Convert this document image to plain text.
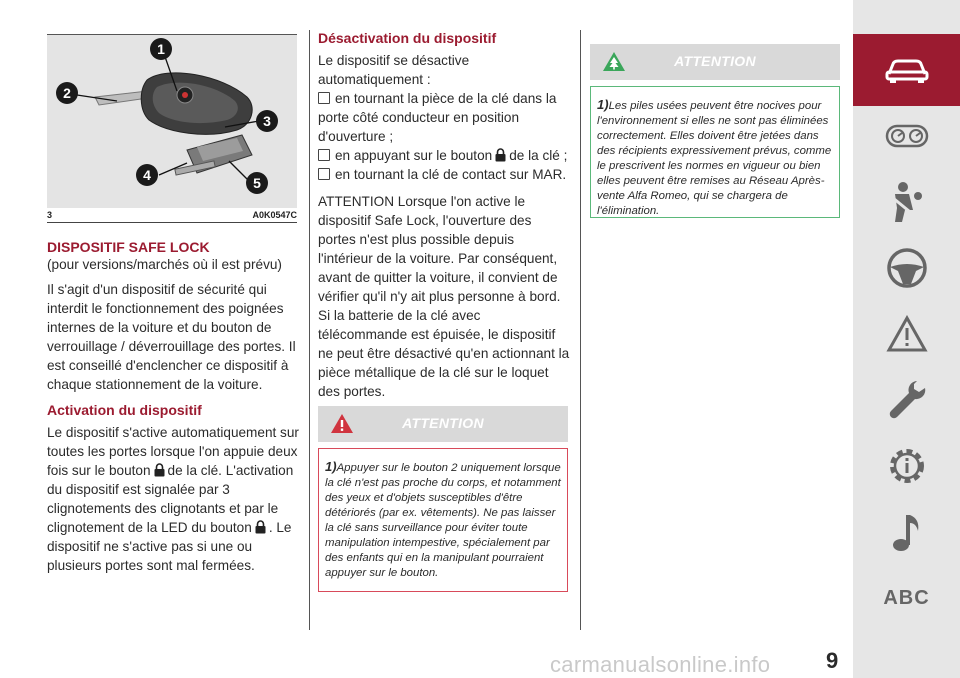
1
2
3
4	5
3	A0K0547C
DISPOSITIF SAFE LOCK

(pour versions/marchés où il est prévu)

Il s'agit d'un dispositif de sécurité qui interdit le fonctionnement des poignées internes de la voiture et du bouton de verrouillage / déverrouillage des portes. Il est conseillé d'enclencher ce dispositif à chaque stationnement de la voiture.

Activation du dispositif

Le dispositif s'active automatiquement sur toutes les portes lorsque l'on appuie deux fois sur le bouton de la clé. L'activation du dispositif est signalée par 3 clignotements des clignotants et par le clignotement de la LED du bouton . Le dispositif ne s'active pas si une ou plusieurs portes sont mal fermées.

Désactivation du dispositif

Le dispositif se désactive automatiquement :

en tournant la pièce de la clé dans la porte côté conducteur en position d'ouverture ;
en appuyant sur le bouton de la clé ;
en tournant la clé de contact sur MAR.

ATTENTION Lorsque l'on active le dispositif Safe Lock, l'ouverture des portes n'est plus possible depuis l'intérieur de la voiture. Par conséquent, avant de quitter la voiture, il convient de vérifier qu'il n'y ait plus personne à bord. Si la batterie de la clé avec télécommande est épuisée, le dispositif ne peut être désactivé qu'en actionnant la pièce métallique de la clé sur le loquet des portes.

ATTENTION
1)Appuyer sur le bouton 2 uniquement lorsque la clé n'est pas proche du corps, et notamment des yeux et d'objets susceptibles d'être détériorés (par ex. vêtements). Ne pas laisser la clé sans surveillance pour éviter toute manipulation intempestive, spécialement par des enfants qui en la manipulant pourraient appuyer sur le bouton.
ATTENTION
1)Les piles usées peuvent être nocives pour l'environnement si elles ne sont pas éliminées correctement. Elles doivent être jetées dans des récipients expressivement prévus, comme le prescrivent les normes en vigueur ou bien elles peuvent être remises au Réseau Après-vente Alfa Romeo, qui se chargera de l'élimination.
ABC
9
carmanualsonline.info
